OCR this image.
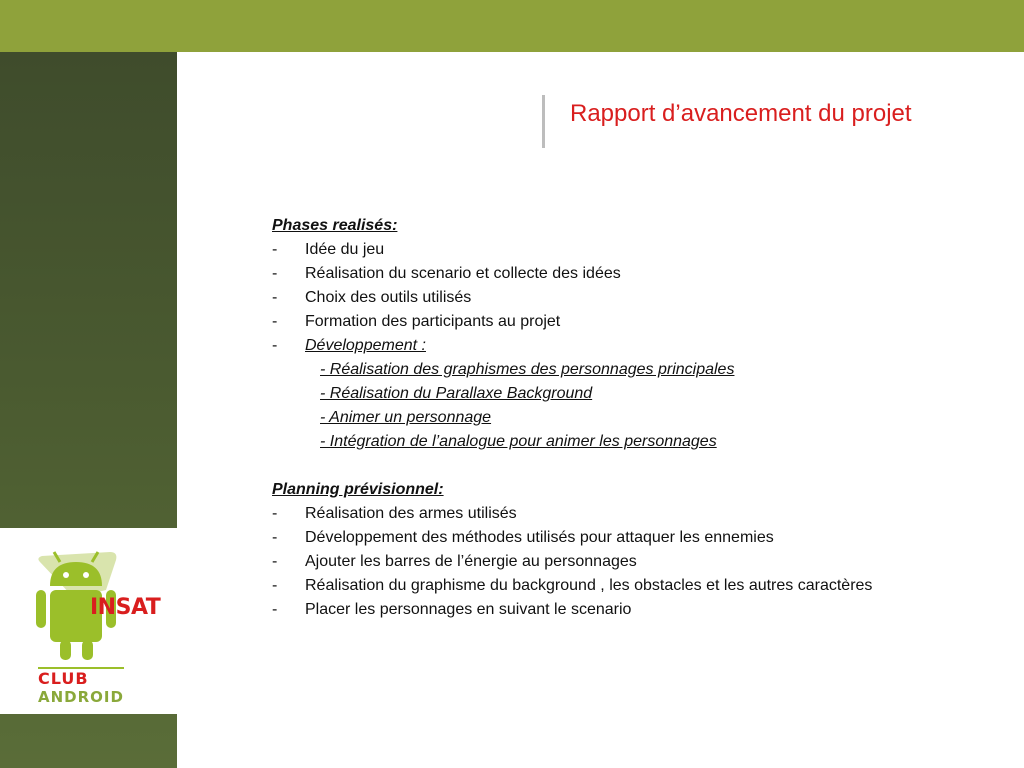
INSAT
CLUB
ANDROID
Rapport d’avancement du projet
Phases realisés:
- Idée du jeu
- Réalisation du scenario et collecte des idées
- Choix des outils utilisés
- Formation des participants au projet
- Développement :
- Réalisation des graphismes des personnages principales
- Réalisation du Parallaxe Background
- Animer un personnage
- Intégration de l’analogue pour animer les personnages
Planning prévisionnel:
- Réalisation des armes utilisés
- Développement des méthodes utilisés pour attaquer les ennemies
- Ajouter les barres de l’énergie au personnages
- Réalisation du graphisme du background , les obstacles et les autres caractères
- Placer les personnages en suivant le scenario
